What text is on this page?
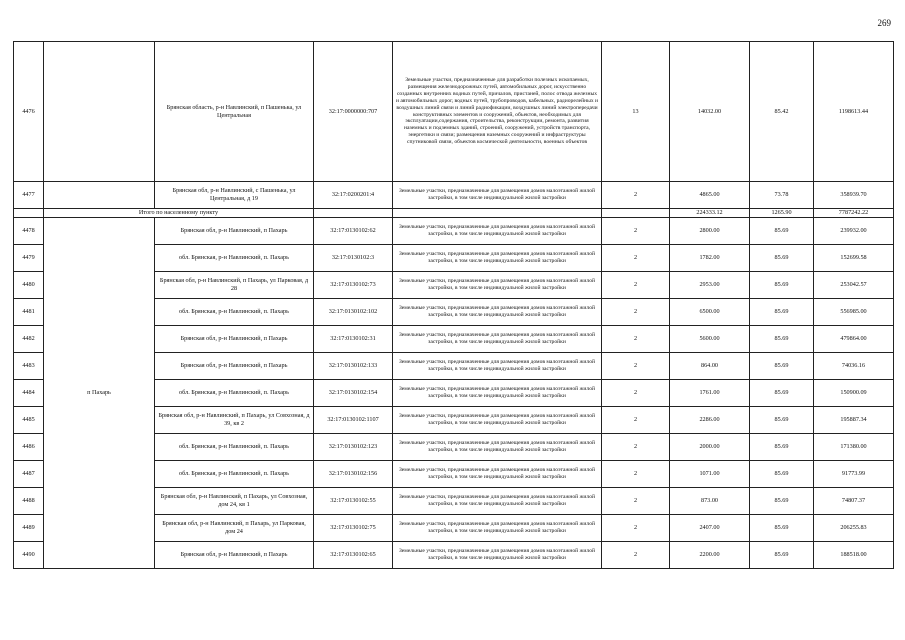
269
4476		Брянская область, р-н Навлинский, п Пашенька, ул Центральная	32:17:0000000:707	Земельные участки, предназначенные для разработки полезных ископаемых, размещения железнодорожных путей, автомобильных дорог, искусственно созданных внутренних водных путей, причалов, пристаней, полос отвода железных и автомобильных дорог, водных путей, трубопроводов, кабельных, радиорелейных и воздушных линий связи и линий радиофикации, воздушных линий электропередачи конструктивных элементов и сооружений, объектов, необходимых для эксплуатации,содержания, строительства, реконструкции, ремонта, развития наземных и подземных зданий, строений, сооружений, устройств транспорта, энергетики и связи; размещения наземных сооружений и инфраструктуры спутниковой связи, объектов космической деятельности, военных объектов	13	14032.00	85.42	1198613.44
4477		Брянская обл, р-н Навлинский, с Пашенька, ул Центральная, д 19	32:17:0200201:4	Земельные участки, предназначенные для размещения домов малоэтажной жилой застройки, в том числе индивидуальной жилой застройки	2	4865.00	73.78	358939.70
	Итого по населенному пункту					224333.12	1265.90	7787242.22
4478	п Пахарь	Брянская обл, р-н Навлинский, п Пахарь	32:17:0130102:62	Земельные участки, предназначенные для размещения домов малоэтажной жилой застройки, в том числе индивидуальной жилой застройки	2	2800.00	85.69	239932.00
4479		обл. Брянская, р-н Навлинский, п. Пахарь	32:17:0130102:3	Земельные участки, предназначенные для размещения домов малоэтажной жилой застройки, в том числе индивидуальной жилой застройки	2	1782.00	85.69	152699.58
4480		Брянская обл, р-н Навлинский, п Пахарь, ул Парковая, д 28	32:17:0130102:73	Земельные участки, предназначенные для размещения домов малоэтажной жилой застройки, в том числе индивидуальной жилой застройки	2	2953.00	85.69	253042.57
4481		обл. Брянская, р-н Навлинский, п. Пахарь	32:17:0130102:102	Земельные участки, предназначенные для размещения домов малоэтажной жилой застройки, в том числе индивидуальной жилой застройки	2	6500.00	85.69	556985.00
4482		Брянская обл, р-н Навлинский, п Пахарь	32:17:0130102:31	Земельные участки, предназначенные для размещения домов малоэтажной жилой застройки, в том числе индивидуальной жилой застройки	2	5600.00	85.69	479864.00
4483		Брянская обл, р-н Навлинский, п Пахарь	32:17:0130102:133	Земельные участки, предназначенные для размещения домов малоэтажной жилой застройки, в том числе индивидуальной жилой застройки	2	864.00	85.69	74036.16
4484		обл. Брянская, р-н Навлинский, п. Пахарь	32:17:0130102:154	Земельные участки, предназначенные для размещения домов малоэтажной жилой застройки, в том числе индивидуальной жилой застройки	2	1761.00	85.69	150900.09
4485		Брянская обл, р-н Навлинский, п Пахарь, ул Совхозная, д 39, кв 2	32:17:0130102:1107	Земельные участки, предназначенные для размещения домов малоэтажной жилой застройки, в том числе индивидуальной жилой застройки	2	2286.00	85.69	195887.34
4486		обл. Брянская, р-н Навлинский, п. Пахарь	32:17:0130102:123	Земельные участки, предназначенные для размещения домов малоэтажной жилой застройки, в том числе индивидуальной жилой застройки	2	2000.00	85.69	171380.00
4487		обл. Брянская, р-н Навлинский, п. Пахарь	32:17:0130102:156	Земельные участки, предназначенные для размещения домов малоэтажной жилой застройки, в том числе индивидуальной жилой застройки	2	1071.00	85.69	91773.99
4488		Брянская обл, р-н Навлинский, п Пахарь, ул Совхозная, дом 24, кв 1	32:17:0130102:55	Земельные участки, предназначенные для размещения домов малоэтажной жилой застройки, в том числе индивидуальной жилой застройки	2	873.00	85.69	74807.37
4489		Брянская обл, р-н Навлинский, п Пахарь, ул Парковая, дом 24	32:17:0130102:75	Земельные участки, предназначенные для размещения домов малоэтажной жилой застройки, в том числе индивидуальной жилой застройки	2	2407.00	85.69	206255.83
4490		Брянская обл, р-н Навлинский, п Пахарь	32:17:0130102:65	Земельные участки, предназначенные для размещения домов малоэтажной жилой застройки, в том числе индивидуальной жилой застройки	2	2200.00	85.69	188518.00
